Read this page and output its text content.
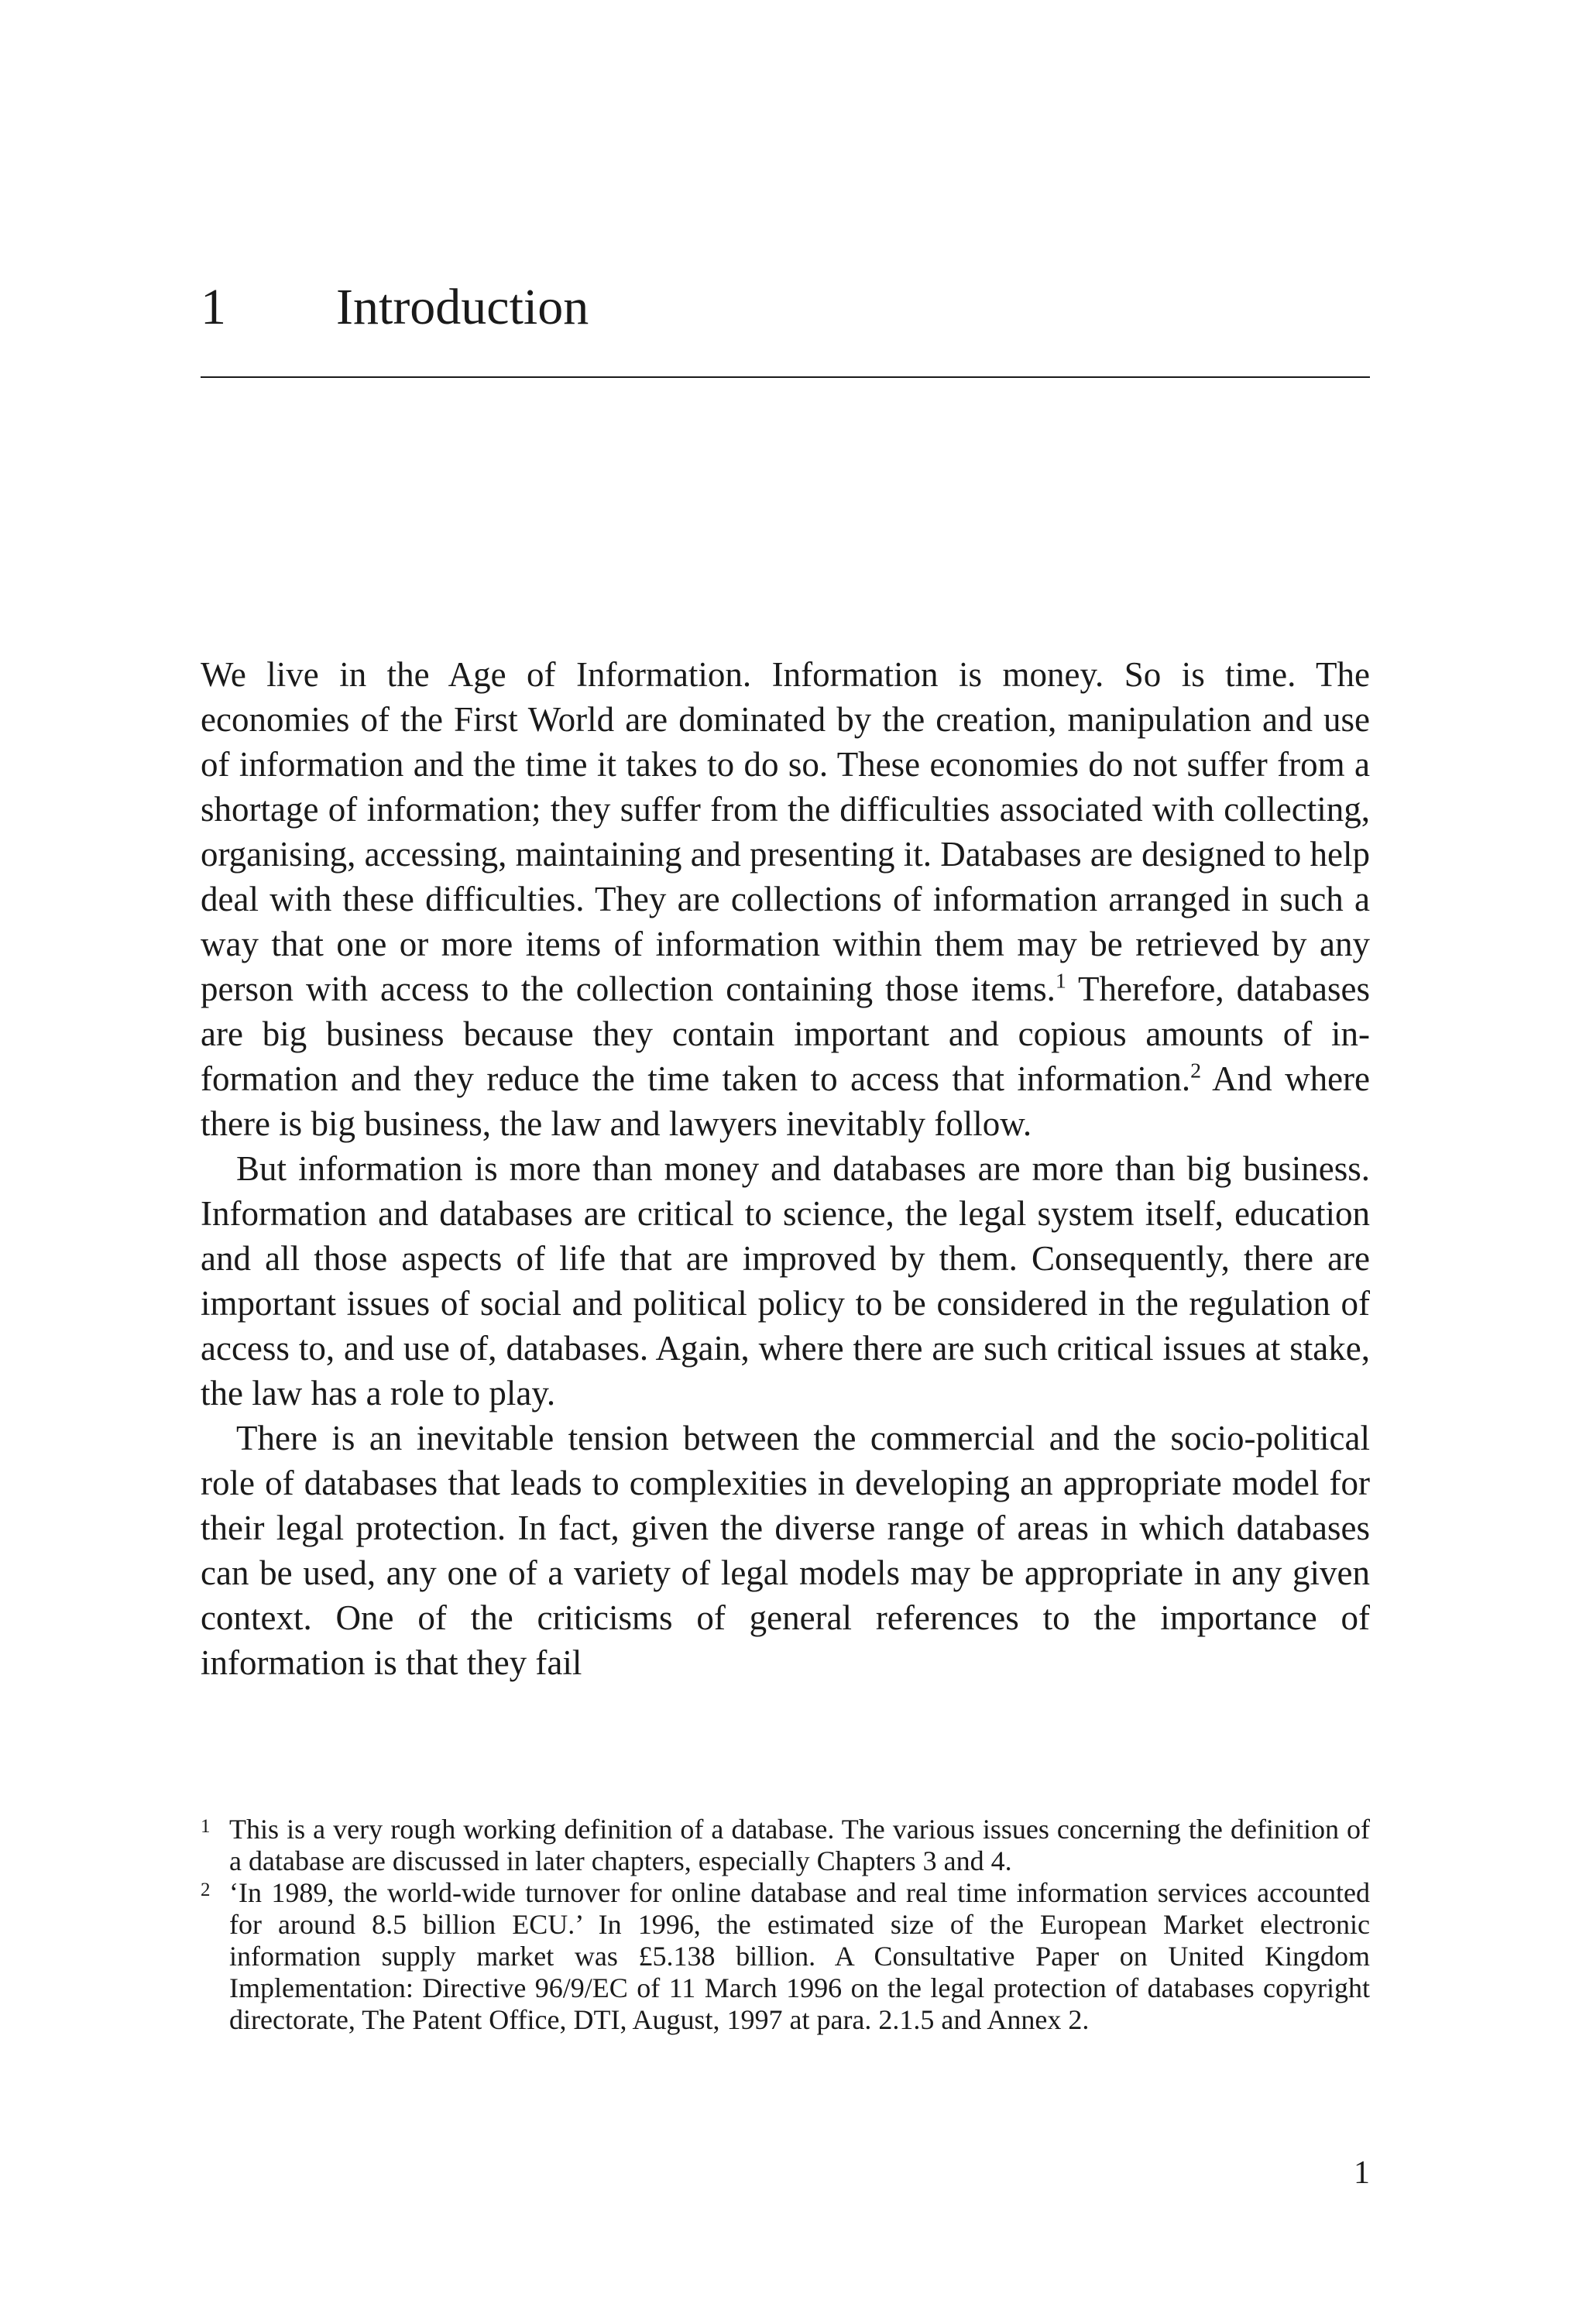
1 Introduction

We live in the Age of Information. Information is money. So is time. The economies of the First World are dominated by the creation, manipulation and use of information and the time it takes to do so. These economies do not suffer from a shortage of information; they suffer from the difficulties associated with collecting, organising, accessing, maintaining and presenting it. Databases are designed to help deal with these difficulties. They are collections of information arranged in such a way that one or more items of information within them may be retrieved by any person with access to the collection containing those items.$^1$ Therefore, databases are big business because they contain important and copious amounts of information and they reduce the time taken to access that information.$^2$ And where there is big business, the law and lawyers inevitably follow.

But information is more than money and databases are more than big business. Information and databases are critical to science, the legal system itself, education and all those aspects of life that are improved by them. Consequently, there are important issues of social and political policy to be considered in the regulation of access to, and use of, databases. Again, where there are such critical issues at stake, the law has a role to play.

There is an inevitable tension between the commercial and the socio-political role of databases that leads to complexities in developing an appropriate model for their legal protection. In fact, given the diverse range of areas in which databases can be used, any one of a variety of legal models may be appropriate in any given context. One of the criticisms of general references to the importance of information is that they fail

1 This is a very rough working definition of a database. The various issues concerning the definition of a database are discussed in later chapters, especially Chapters 3 and 4.

2 ‘In 1989, the world-wide turnover for online database and real time information services accounted for around 8.5 billion ECU.’ In 1996, the estimated size of the European Market electronic information supply market was £5.138 billion. A Consultative Paper on United Kingdom Implementation: Directive 96/9/EC of 11 March 1996 on the legal protection of databases copyright directorate, The Patent Office, DTI, August, 1997 at para. 2.1.5 and Annex 2.

1
